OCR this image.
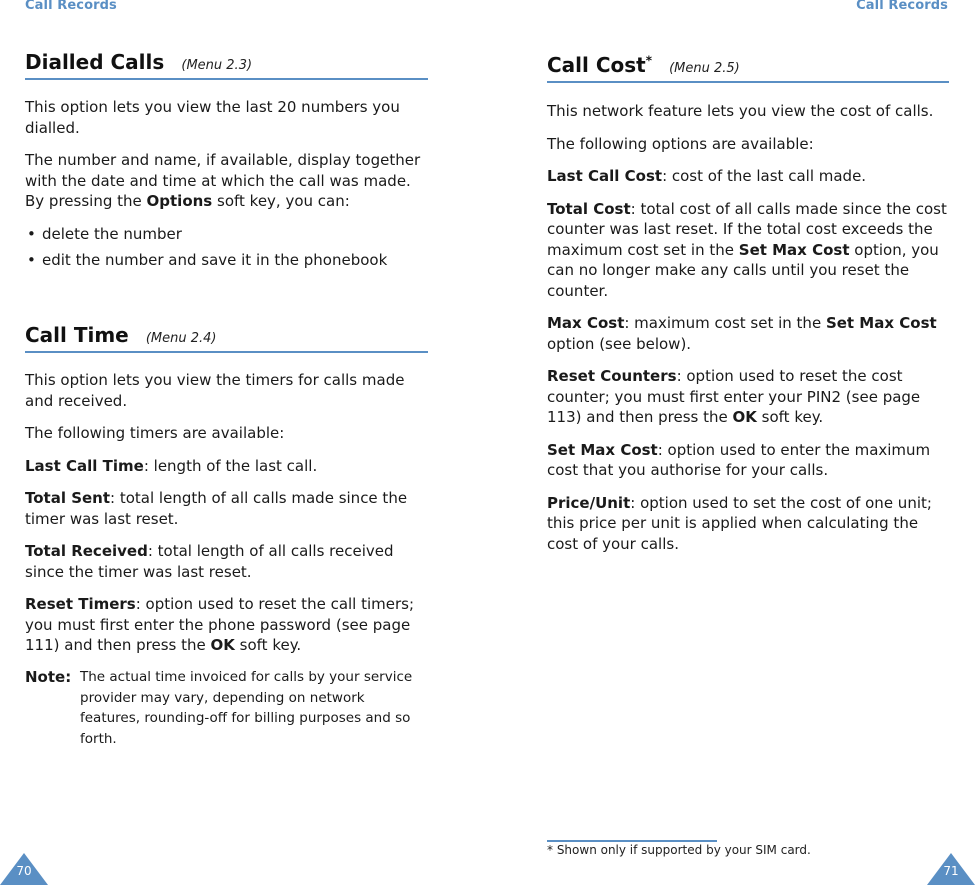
Call Records	Call Records
Dialled Calls (Menu 2.3)

This option lets you view the last 20 numbers you dialled.

The number and name, if available, display together with the date and time at which the call was made. By pressing the Options soft key, you can:

• delete the number
• edit the number and save it in the phonebook
Call Time (Menu 2.4)

This option lets you view the timers for calls made and received.

The following timers are available:

Last Call Time: length of the last call.

Total Sent: total length of all calls made since the timer was last reset.

Total Received: total length of all calls received since the timer was last reset.

Reset Timers: option used to reset the call timers; you must first enter the phone password (see page 111) and then press the OK soft key.

Note: The actual time invoiced for calls by your service provider may vary, depending on network features, rounding-off for billing purposes and so forth.
Call Cost* (Menu 2.5)

This network feature lets you view the cost of calls.

The following options are available:

Last Call Cost: cost of the last call made.

Total Cost: total cost of all calls made since the cost counter was last reset. If the total cost exceeds the maximum cost set in the Set Max Cost option, you can no longer make any calls until you reset the counter.

Max Cost: maximum cost set in the Set Max Cost option (see below).

Reset Counters: option used to reset the cost counter; you must first enter your PIN2 (see page 113) and then press the OK soft key.

Set Max Cost: option used to enter the maximum cost that you authorise for your calls.

Price/Unit: option used to set the cost of one unit; this price per unit is applied when calculating the cost of your calls.

* Shown only if supported by your SIM card.
70	71
